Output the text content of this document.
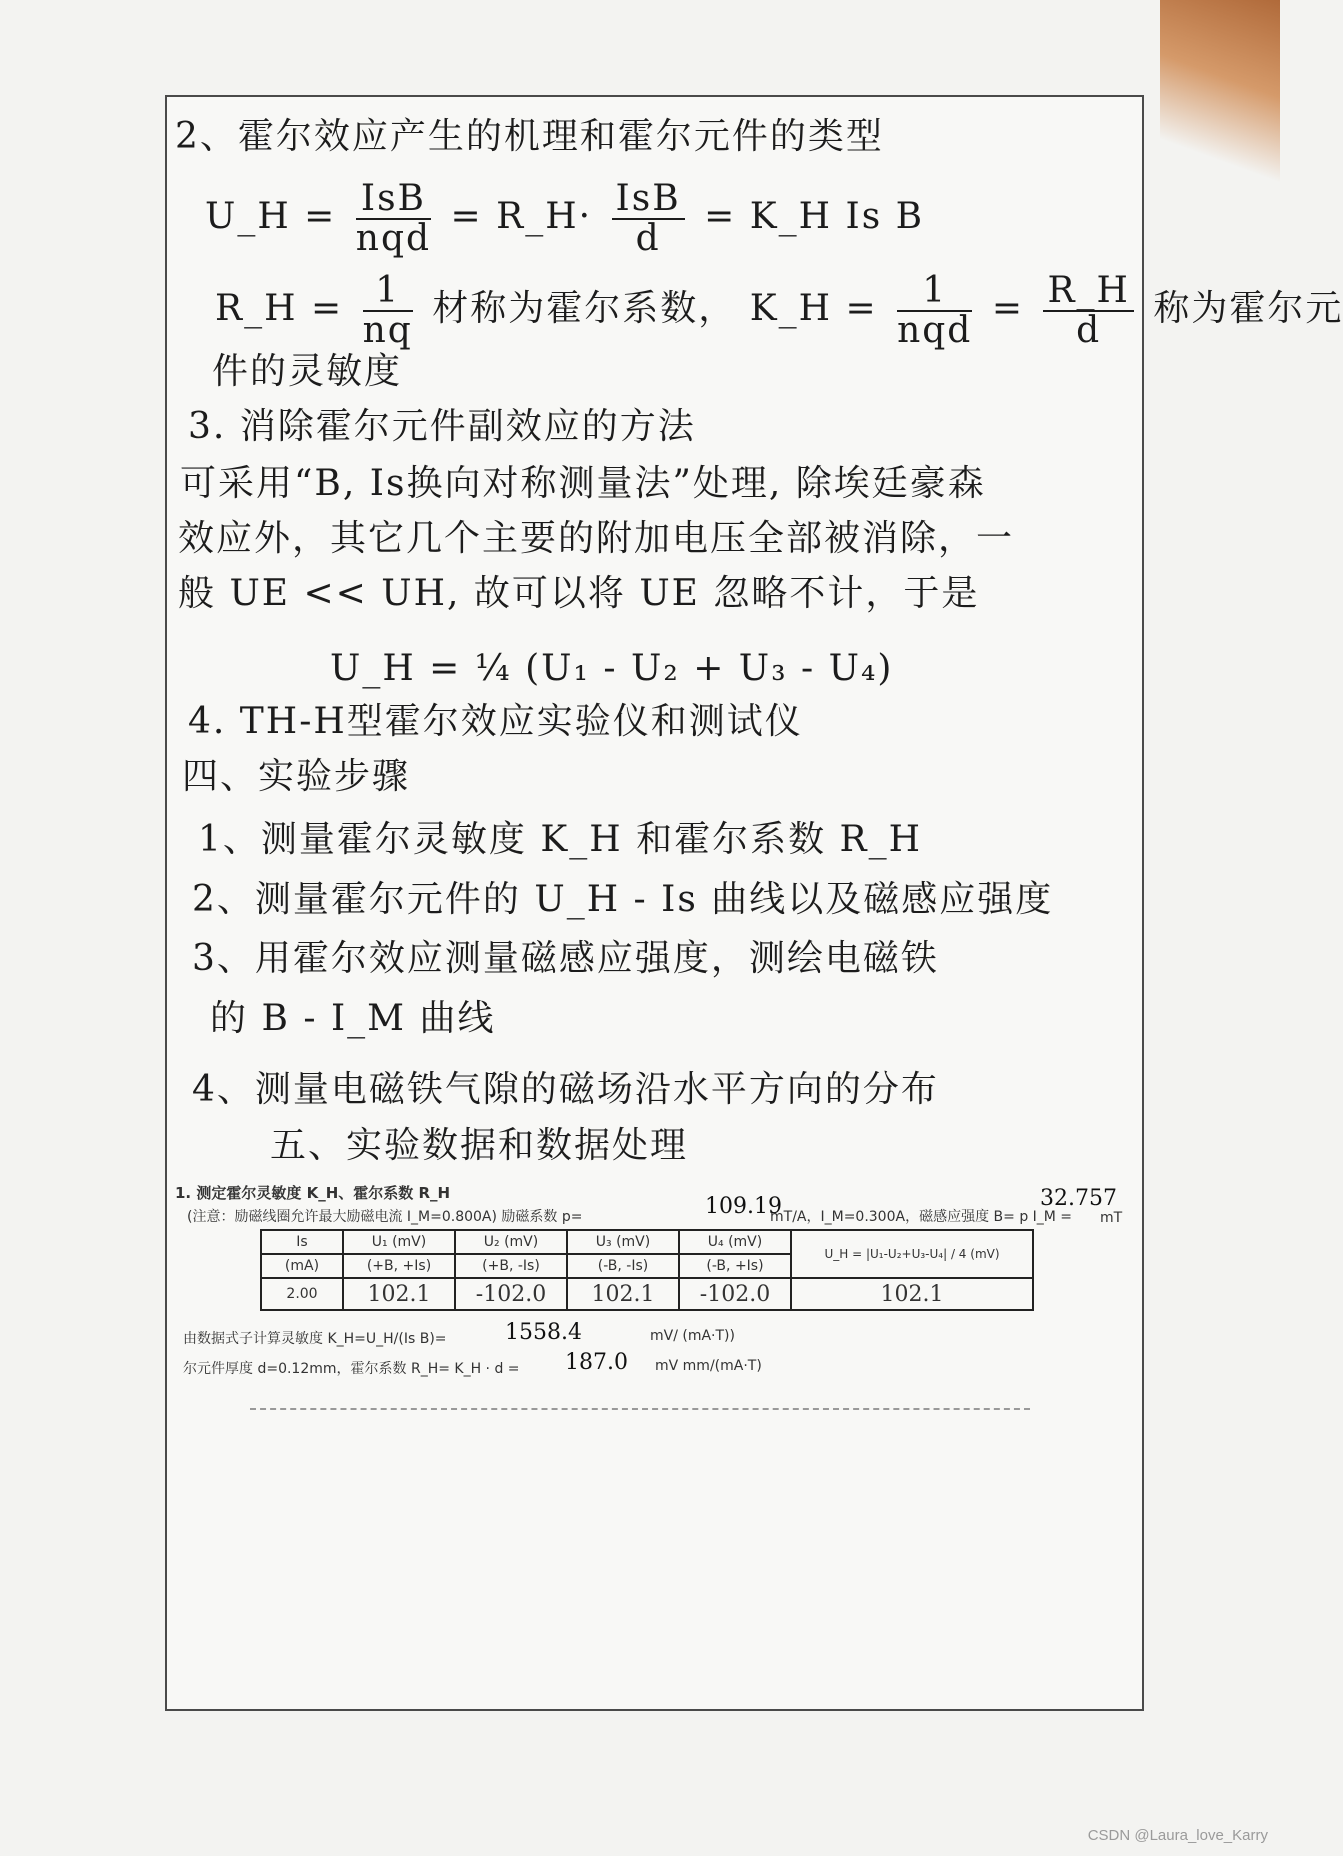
2、霍尔效应产生的机理和霍尔元件的类型
U_H = $\frac{\text{IsB}}{\text{nqd}}$ = R_H· $\frac{\text{IsB}}{d}$ = K_H Is B
R_H = $\frac{1}{nq}$ 材称为霍尔系数， K_H = $\frac{1}{\text{nqd}} = \frac{R\_H}{d}$ 称为霍尔元
件的灵敏度
3. 消除霍尔元件副效应的方法
可采用“B, Is换向对称测量法”处理, 除埃廷豪森
效应外，其它几个主要的附加电压全部被消除，一
般 UE << UH, 故可以将 UE 忽略不计，于是
U_H = ¼ (U₁ - U₂ + U₃ - U₄)
4. TH-H型霍尔效应实验仪和测试仪
四、实验步骤
1、测量霍尔灵敏度 K_H 和霍尔系数 R_H
2、测量霍尔元件的 U_H - Is 曲线以及磁感应强度
3、用霍尔效应测量磁感应强度，测绘电磁铁
的 B - I_M 曲线
4、测量电磁铁气隙的磁场沿水平方向的分布
五、实验数据和数据处理
1. 测定霍尔灵敏度 K_H、霍尔系数 R_H
(注意：励磁线圈允许最大励磁电流 I_M=0.800A) 励磁系数 p=	109.19
mT/A，I_M=0.300A，磁感应强度 B= p I_M =
32.757
mT
Is	U₁ (mV)	U₂ (mV)	U₃ (mV)	U₄ (mV)	U_H = |U₁-U₂+U₃-U₄| / 4 (mV)
(mA)	(+B, +Is)	(+B, -Is)	(-B, -Is)	(-B, +Is)	
2.00	102.1	-102.0	102.1	-102.0	102.1
由数据式子计算灵敏度 K_H=U_H/(Is B)=	1558.4	mV/ (mA·T))
尔元件厚度 d=0.12mm，霍尔系数 R_H= K_H · d = 187.0 mV mm/(mA·T)
CSDN @Laura_love_Karry
